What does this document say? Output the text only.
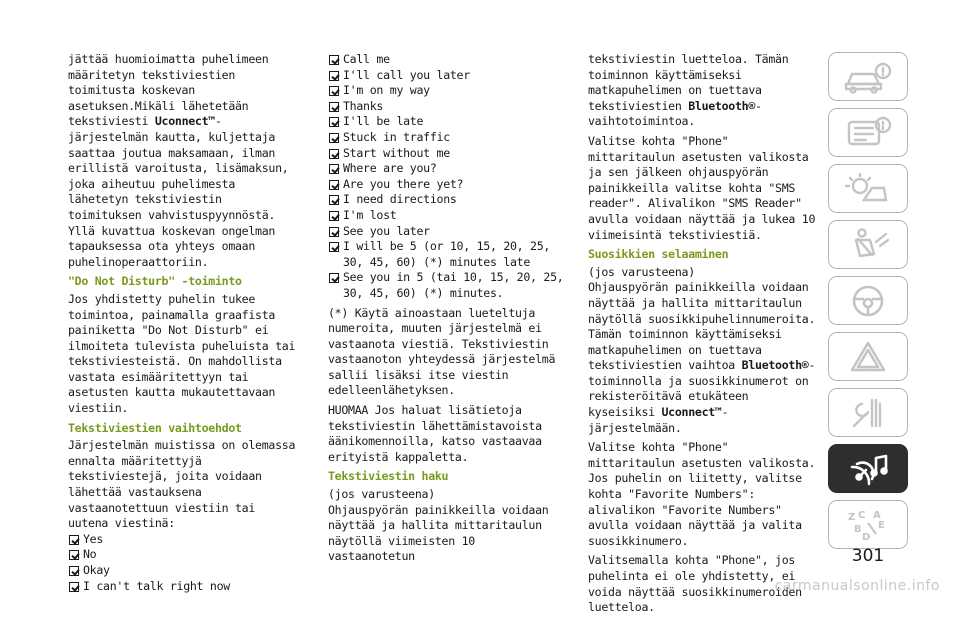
jättää huomioimatta puhelimeen määritetyn tekstiviestien toimitusta koskevan asetuksen.Mikäli lähetetään tekstiviesti Uconnect™-järjestelmän kautta, kuljettaja saattaa joutua maksamaan, ilman erillistä varoitusta, lisämaksun, joka aiheutuu puhelimesta lähetetyn tekstiviestin toimituksen vahvistuspyynnöstä. Yllä kuvattua koskevan ongelman tapauksessa ota yhteys omaan puhelinoperaattoriin.

"Do Not Disturb" -toiminto

Jos yhdistetty puhelin tukee toimintoa, painamalla graafista painiketta "Do Not Disturb" ei ilmoiteta tulevista puheluista tai tekstiviesteistä. On mahdollista vastata esimääritettyyn tai asetusten kautta mukautettavaan viestiin.

Tekstiviestien vaihtoehdot

Järjestelmän muistissa on olemassa ennalta määritettyjä tekstiviestejä, joita voidaan lähettää vastauksena vastaanotettuun viestiin tai uutena viestinä:

Yes
No
Okay
I can't talk right now
Call me
I'll call you later
I'm on my way
Thanks
I'll be late
Stuck in traffic
Start without me
Where are you?
Are you there yet?
I need directions
I'm lost
See you later
I will be 5 (or 10, 15, 20, 25, 30, 45, 60) (*) minutes late
See you in 5 (tai 10, 15, 20, 25, 30, 45, 60) (*) minutes.

(*) Käytä ainoastaan lueteltuja numeroita, muuten järjestelmä ei vastaanota viestiä. Tekstiviestin vastaanoton yhteydessä järjestelmä sallii lisäksi itse viestin edelleenlähetyksen.

HUOMAA Jos haluat lisätietoja tekstiviestin lähettämistavoista äänikomennoilla, katso vastaavaa erityistä kappaletta.

Tekstiviestin haku

(jos varusteena)

Ohjauspyörän painikkeilla voidaan näyttää ja hallita mittaritaulun näytöllä viimeisten 10 vastaanotetun

tekstiviestin luetteloa. Tämän toiminnon käyttämiseksi matkapuhelimen on tuettava tekstiviestien Bluetooth®-vaihtotoimintoa.

Valitse kohta "Phone" mittaritaulun asetusten valikosta ja sen jälkeen ohjauspyörän painikkeilla valitse kohta "SMS reader". Alivalikon "SMS Reader" avulla voidaan näyttää ja lukea 10 viimeisintä tekstiviestiä.

Suosikkien selaaminen

(jos varusteena)

Ohjauspyörän painikkeilla voidaan näyttää ja hallita mittaritaulun näytöllä suosikkipuhelinnumeroita. Tämän toiminnon käyttämiseksi matkapuhelimen on tuettava tekstiviestien vaihtoa Bluetooth®-toiminnolla ja suosikkinumerot on rekisteröitävä etukäteen kyseisiksi Uconnect™-järjestelmään.

Valitse kohta "Phone" mittaritaulun asetusten valikosta. Jos puhelin on liitetty, valitse kohta "Favorite Numbers": alivalikon "Favorite Numbers" avulla voidaan näyttää ja valita suosikkinumero.

Valitsemalla kohta "Phone", jos puhelinta ei ole yhdistetty, ei voida näyttää suosikkinumeroiden luetteloa.

Z C A
B E
D
301
carmanualsonline.info
